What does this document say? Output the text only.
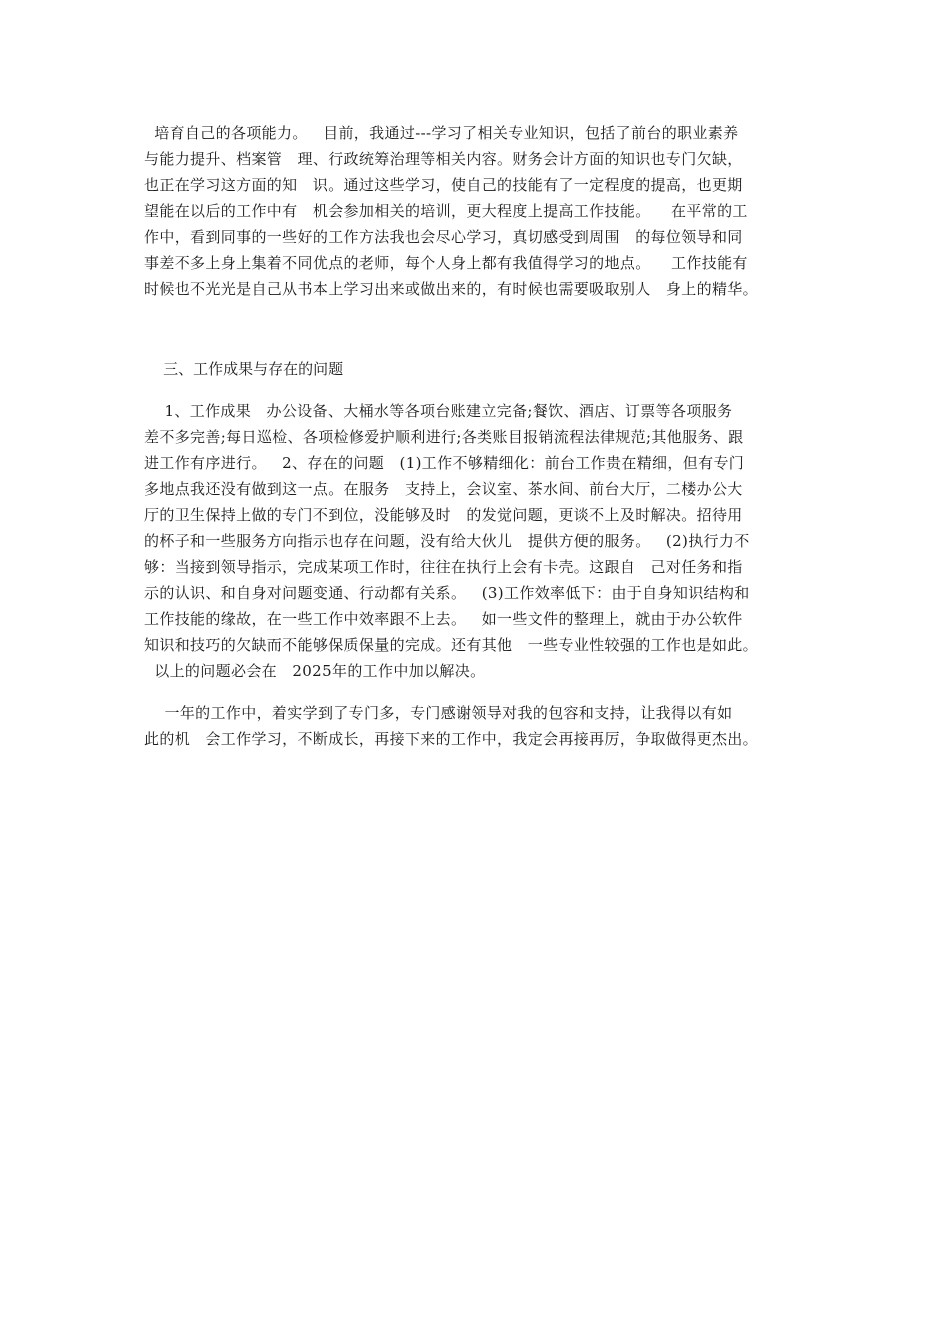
培育自己的各项能力。   目前，我通过---学习了相关专业知识，包括了前台的职业素养
与能力提升、档案管   理、行政统筹治理等相关内容。财务会计方面的知识也专门欠缺，
也正在学习这方面的知   识。通过这些学习，使自己的技能有了一定程度的提高，也更期
望能在以后的工作中有   机会参加相关的培训，更大程度上提高工作技能。    在平常的工
作中，看到同事的一些好的工作方法我也会尽心学习，真切感受到周围   的每位领导和同
事差不多上身上集着不同优点的老师，每个人身上都有我值得学习的地点。    工作技能有
时候也不光光是自己从书本上学习出来或做出来的，有时候也需要吸取别人   身上的精华。
三、工作成果与存在的问题
1、工作成果   办公设备、大桶水等各项台账建立完备;餐饮、酒店、订票等各项服务
差不多完善;每日巡检、各项检修爱护顺利进行;各类账目报销流程法律规范;其他服务、跟
进工作有序进行。   2、存在的问题   (1)工作不够精细化：前台工作贵在精细，但有专门
多地点我还没有做到这一点。在服务   支持上，会议室、茶水间、前台大厅，二楼办公大
厅的卫生保持上做的专门不到位，没能够及时   的发觉问题，更谈不上及时解决。招待用
的杯子和一些服务方向指示也存在问题，没有给大伙儿   提供方便的服务。   (2)执行力不
够：当接到领导指示，完成某项工作时，往往在执行上会有卡壳。这跟自   己对任务和指
示的认识、和自身对问题变通、行动都有关系。   (3)工作效率低下：由于自身知识结构和
工作技能的缘故，在一些工作中效率跟不上去。   如一些文件的整理上，就由于办公软件
知识和技巧的欠缺而不能够保质保量的完成。还有其他   一些专业性较强的工作也是如此。
以上的问题必会在   2025年的工作中加以解决。
一年的工作中，着实学到了专门多，专门感谢领导对我的包容和支持，让我得以有如
此的机   会工作学习，不断成长，再接下来的工作中，我定会再接再厉，争取做得更杰出。
